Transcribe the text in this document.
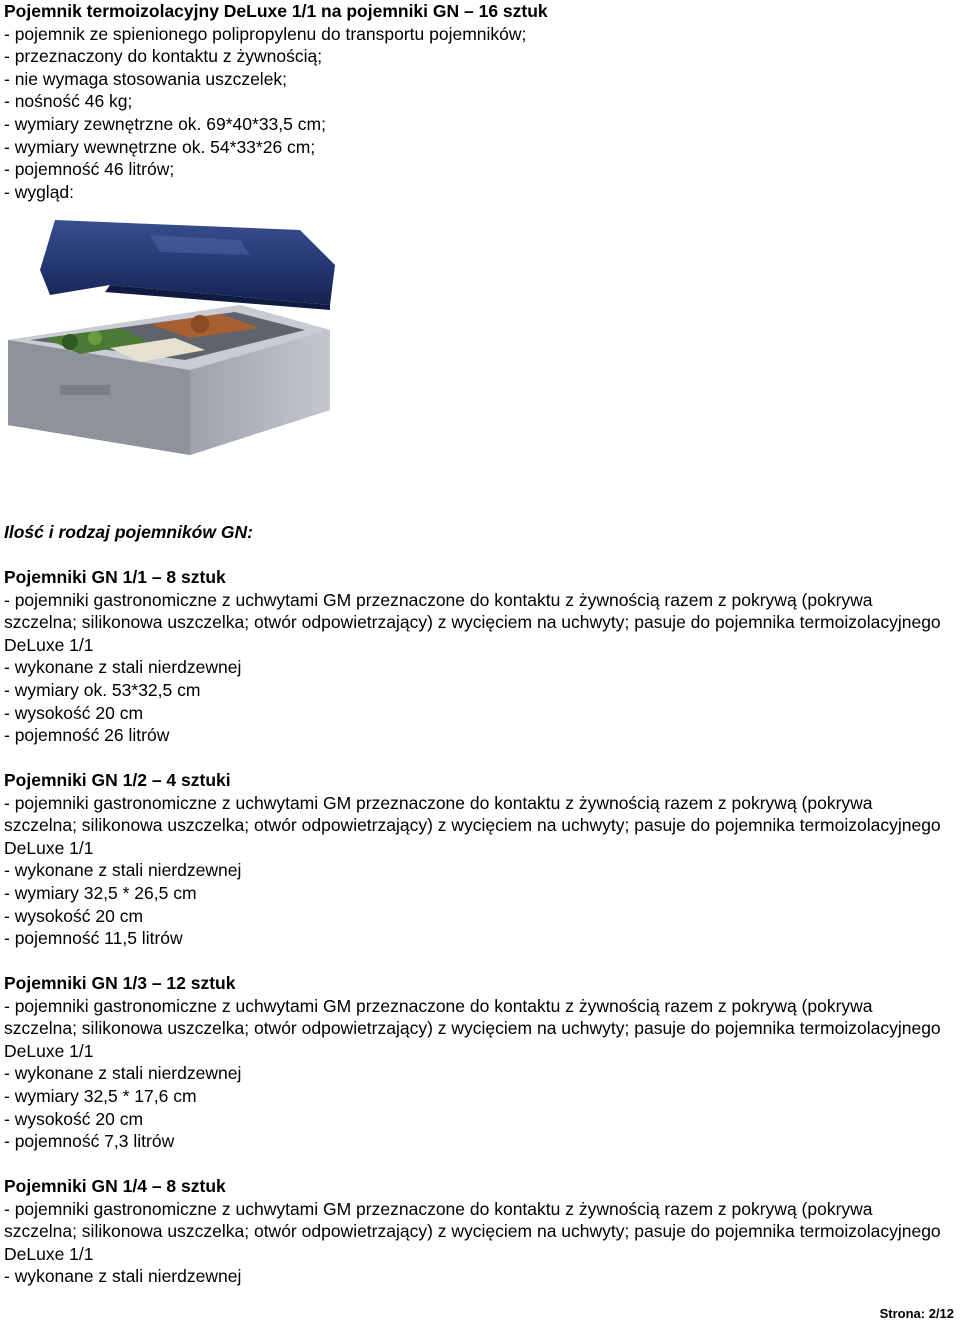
Pojemnik termoizolacyjny DeLuxe 1/1 na pojemniki GN – 16 sztuk

- pojemnik ze spienionego polipropylenu do transportu pojemników;

- przeznaczony do kontaktu z żywnością;

- nie wymaga stosowania uszczelek;

- nośność 46 kg;

- wymiary zewnętrzne ok. 69*40*33,5 cm;

- wymiary wewnętrzne ok. 54*33*26 cm;

- pojemność 46 litrów;

- wygląd:

Ilość i rodzaj pojemników GN:

Pojemniki GN 1/1 – 8 sztuk

- pojemniki gastronomiczne z uchwytami GM przeznaczone do kontaktu z żywnością razem z pokrywą (pokrywa szczelna; silikonowa uszczelka; otwór odpowietrzający) z wycięciem na uchwyty; pasuje do pojemnika termoizolacyjnego DeLuxe 1/1

- wykonane z stali nierdzewnej

- wymiary ok. 53*32,5 cm

- wysokość 20 cm

- pojemność 26 litrów

Pojemniki GN 1/2 – 4 sztuki

- pojemniki gastronomiczne z uchwytami GM przeznaczone do kontaktu z żywnością razem z pokrywą (pokrywa szczelna; silikonowa uszczelka; otwór odpowietrzający) z wycięciem na uchwyty; pasuje do pojemnika termoizolacyjnego DeLuxe 1/1

- wykonane z stali nierdzewnej

- wymiary 32,5 * 26,5 cm

- wysokość 20 cm

- pojemność 11,5 litrów

Pojemniki GN 1/3 – 12 sztuk

- pojemniki gastronomiczne z uchwytami GM przeznaczone do kontaktu z żywnością razem z pokrywą (pokrywa szczelna; silikonowa uszczelka; otwór odpowietrzający) z wycięciem na uchwyty; pasuje do pojemnika termoizolacyjnego DeLuxe 1/1

- wykonane z stali nierdzewnej

- wymiary 32,5 * 17,6 cm

- wysokość 20 cm

- pojemność 7,3 litrów

Pojemniki GN 1/4 – 8 sztuk

- pojemniki gastronomiczne z uchwytami GM przeznaczone do kontaktu z żywnością razem z pokrywą (pokrywa szczelna; silikonowa uszczelka; otwór odpowietrzający) z wycięciem na uchwyty; pasuje do pojemnika termoizolacyjnego DeLuxe 1/1

- wykonane z stali nierdzewnej

Strona: 2/12
